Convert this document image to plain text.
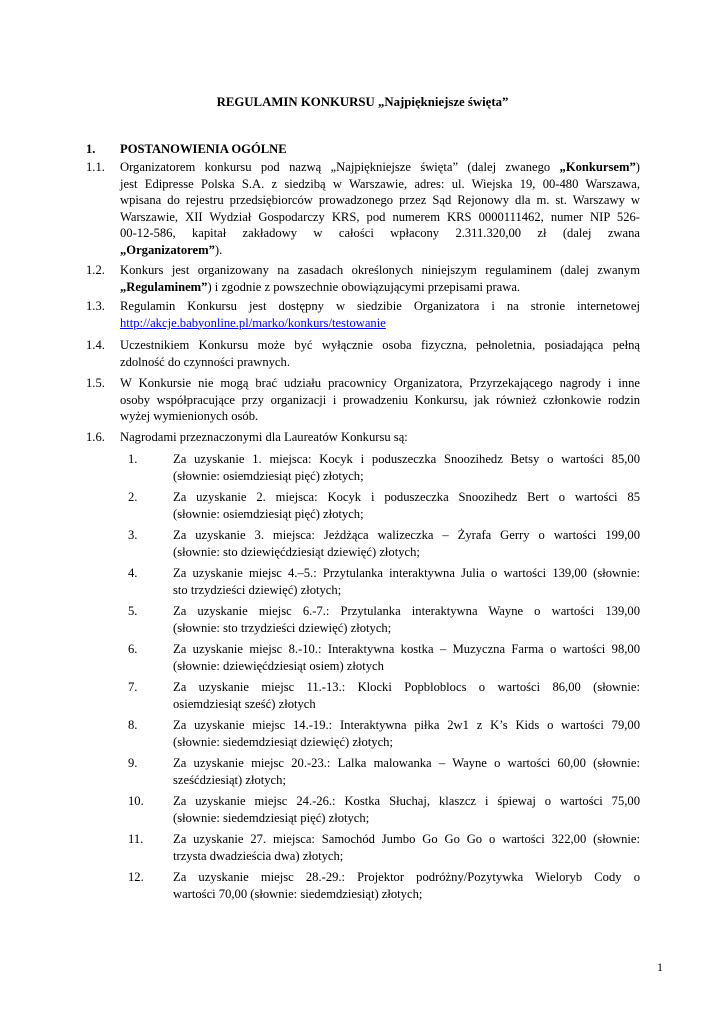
REGULAMIN KONKURSU „Najpiękniejsze święta”
1. POSTANOWIENIA OGÓLNE
1.1. Organizatorem konkursu pod nazwą „Najpiękniejsze święta” (dalej zwanego „Konkursem”)
jest Edipresse Polska S.A. z siedzibą w Warszawie, adres: ul. Wiejska 19, 00-480 Warszawa,
wpisana do rejestru przedsiębiorców prowadzonego przez Sąd Rejonowy dla m. st. Warszawy w
Warszawie, XII Wydział Gospodarczy KRS, pod numerem KRS 0000111462, numer NIP 526-
00-12-586, kapitał zakładowy w całości wpłacony 2.311.320,00 zł (dalej zwana
„Organizatorem”).
1.2. Konkurs jest organizowany na zasadach określonych niniejszym regulaminem (dalej zwanym
„Regulaminem”) i zgodnie z powszechnie obowiązującymi przepisami prawa.
1.3. Regulamin Konkursu jest dostępny w siedzibie Organizatora i na stronie internetowej
http://akcje.babyonline.pl/marko/konkurs/testowanie
1.4. Uczestnikiem Konkursu może być wyłącznie osoba fizyczna, pełnoletnia, posiadająca pełną
zdolność do czynności prawnych.
1.5. W Konkursie nie mogą brać udziału pracownicy Organizatora, Przyrzekającego nagrody i inne
osoby współpracujące przy organizacji i prowadzeniu Konkursu, jak również członkowie rodzin
wyżej wymienionych osób.
1.6. Nagrodami przeznaczonymi dla Laureatów Konkursu są:
1.	Za uzyskanie 1. miejsca: Kocyk i poduszeczka Snoozihedz Betsy o wartości 85,00
(słownie: osiemdziesiąt pięć) złotych;
2.	Za uzyskanie 2. miejsca: Kocyk i poduszeczka Snoozihedz Bert o wartości 85
(słownie: osiemdziesiąt pięć) złotych;
3.	Za uzyskanie 3. miejsca: Jeżdżąca walizeczka – Żyrafa Gerry o wartości 199,00
(słownie: sto dziewięćdziesiąt dziewięć) złotych;
4.	Za uzyskanie miejsc 4.–5.: Przytulanka interaktywna Julia o wartości 139,00 (słownie:
sto trzydzieści dziewięć) złotych;
5.	Za uzyskanie miejsc 6.-7.: Przytulanka interaktywna Wayne o wartości 139,00
(słownie: sto trzydzieści dziewięć) złotych;
6.	Za uzyskanie miejsc 8.-10.: Interaktywna kostka – Muzyczna Farma o wartości 98,00
(słownie: dziewięćdziesiąt osiem) złotych
7.	Za uzyskanie miejsc 11.-13.: Klocki Popbloblocs o wartości 86,00 (słownie:
osiemdziesiąt sześć) złotych
8.	Za uzyskanie miejsc 14.-19.: Interaktywna piłka 2w1 z K’s Kids o wartości 79,00
(słownie: siedemdziesiąt dziewięć) złotych;
9.	Za uzyskanie miejsc 20.-23.: Lalka malowanka – Wayne o wartości 60,00 (słownie:
sześćdziesiąt) złotych;
10. Za uzyskanie miejsc 24.-26.: Kostka Słuchaj, klaszcz i śpiewaj o wartości 75,00
(słownie: siedemdziesiąt pięć) złotych;
11. Za uzyskanie 27. miejsca: Samochód Jumbo Go Go Go o wartości 322,00 (słownie:
trzysta dwadzieścia dwa) złotych;
12. Za uzyskanie miejsc 28.-29.: Projektor podróżny/Pozytywka Wieloryb Cody o
wartości 70,00 (słownie: siedemdziesiąt) złotych;
1
